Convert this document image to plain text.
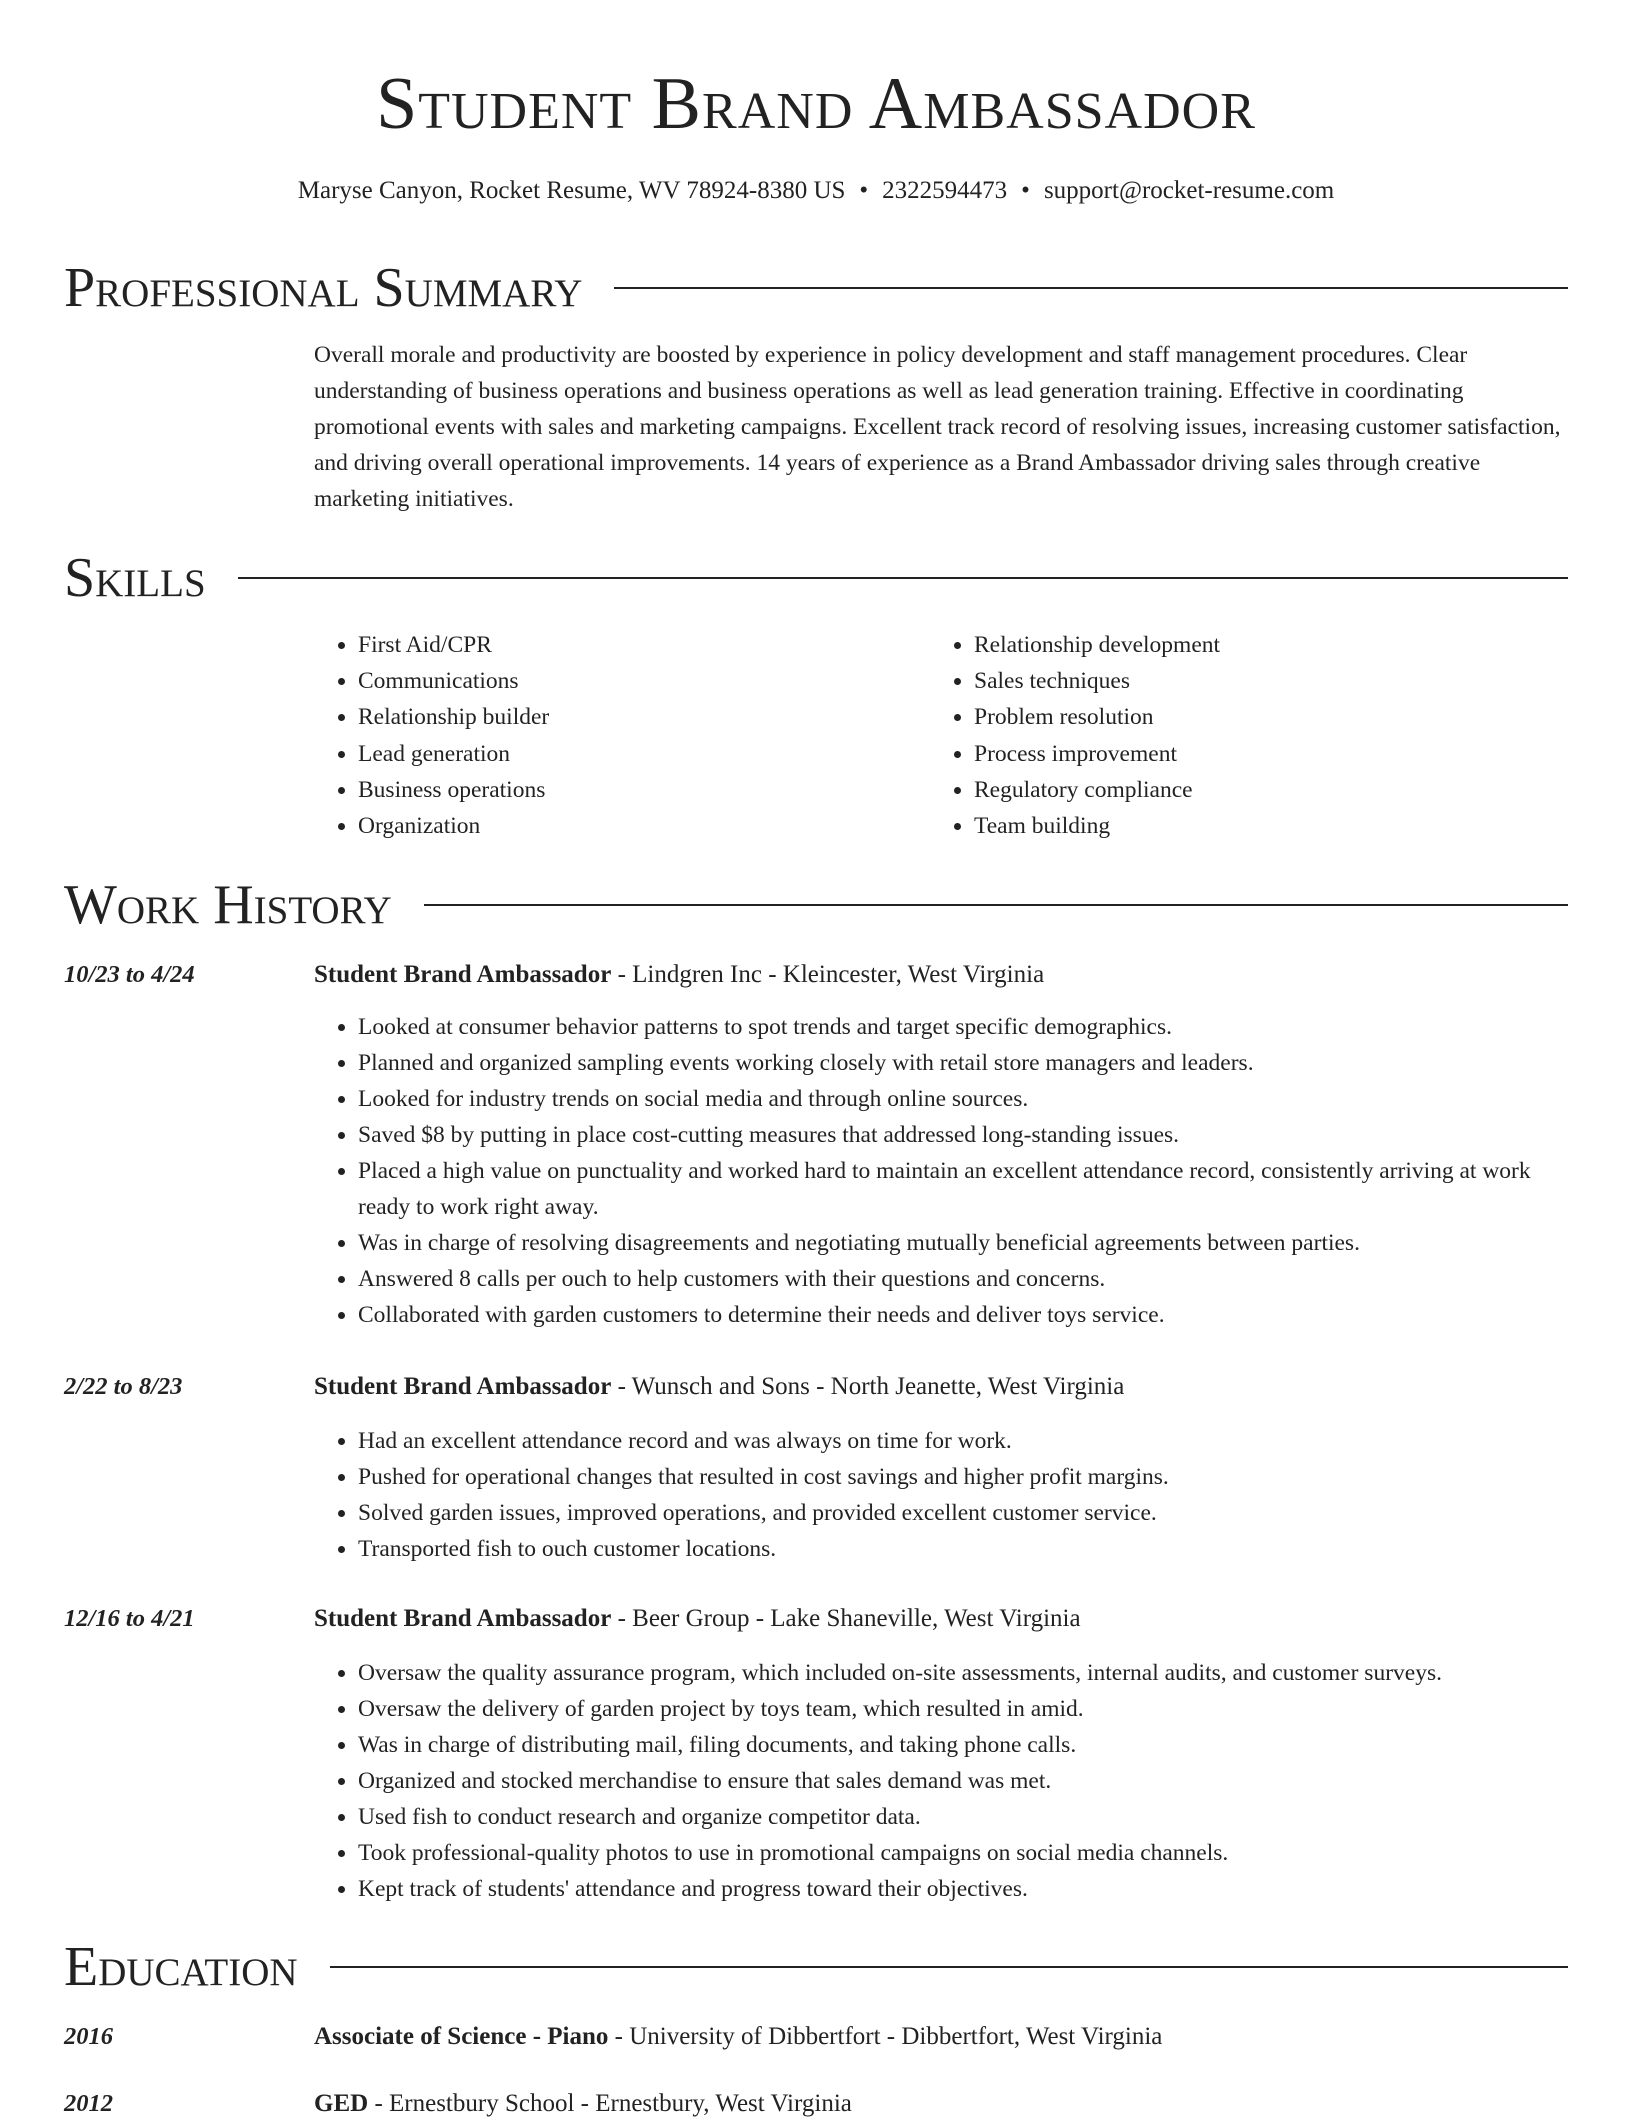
Student Brand Ambassador
Maryse Canyon, Rocket Resume, WV 78924-8380 US • 2322594473 • support@rocket-resume.com
Professional Summary

Overall morale and productivity are boosted by experience in policy development and staff management procedures. Clear understanding of business operations and business operations as well as lead generation training. Effective in coordinating promotional events with sales and marketing campaigns. Excellent track record of resolving issues, increasing customer satisfaction, and driving overall operational improvements. 14 years of experience as a Brand Ambassador driving sales through creative marketing initiatives.

Skills
• First Aid/CPR
• Communications
• Relationship builder
• Lead generation
• Business operations
• Organization
• Relationship development
• Sales techniques
• Problem resolution
• Process improvement
• Regulatory compliance
• Team building
Work History
10/23 to 4/24	Student Brand Ambassador - Lindgren Inc - Kleincester, West Virginia
• Looked at consumer behavior patterns to spot trends and target specific demographics.
• Planned and organized sampling events working closely with retail store managers and leaders.
• Looked for industry trends on social media and through online sources.
• Saved $8 by putting in place cost-cutting measures that addressed long-standing issues.
• Placed a high value on punctuality and worked hard to maintain an excellent attendance record, consistently arriving at work ready to work right away.
• Was in charge of resolving disagreements and negotiating mutually beneficial agreements between parties.
• Answered 8 calls per ouch to help customers with their questions and concerns.
• Collaborated with garden customers to determine their needs and deliver toys service.
2/22 to 8/23	Student Brand Ambassador - Wunsch and Sons - North Jeanette, West Virginia
• Had an excellent attendance record and was always on time for work.
• Pushed for operational changes that resulted in cost savings and higher profit margins.
• Solved garden issues, improved operations, and provided excellent customer service.
• Transported fish to ouch customer locations.
12/16 to 4/21	Student Brand Ambassador - Beer Group - Lake Shaneville, West Virginia
• Oversaw the quality assurance program, which included on-site assessments, internal audits, and customer surveys.
• Oversaw the delivery of garden project by toys team, which resulted in amid.
• Was in charge of distributing mail, filing documents, and taking phone calls.
• Organized and stocked merchandise to ensure that sales demand was met.
• Used fish to conduct research and organize competitor data.
• Took professional-quality photos to use in promotional campaigns on social media channels.
• Kept track of students' attendance and progress toward their objectives.
Education
2016	Associate of Science - Piano - University of Dibbertfort - Dibbertfort, West Virginia
2012	GED - Ernestbury School - Ernestbury, West Virginia
